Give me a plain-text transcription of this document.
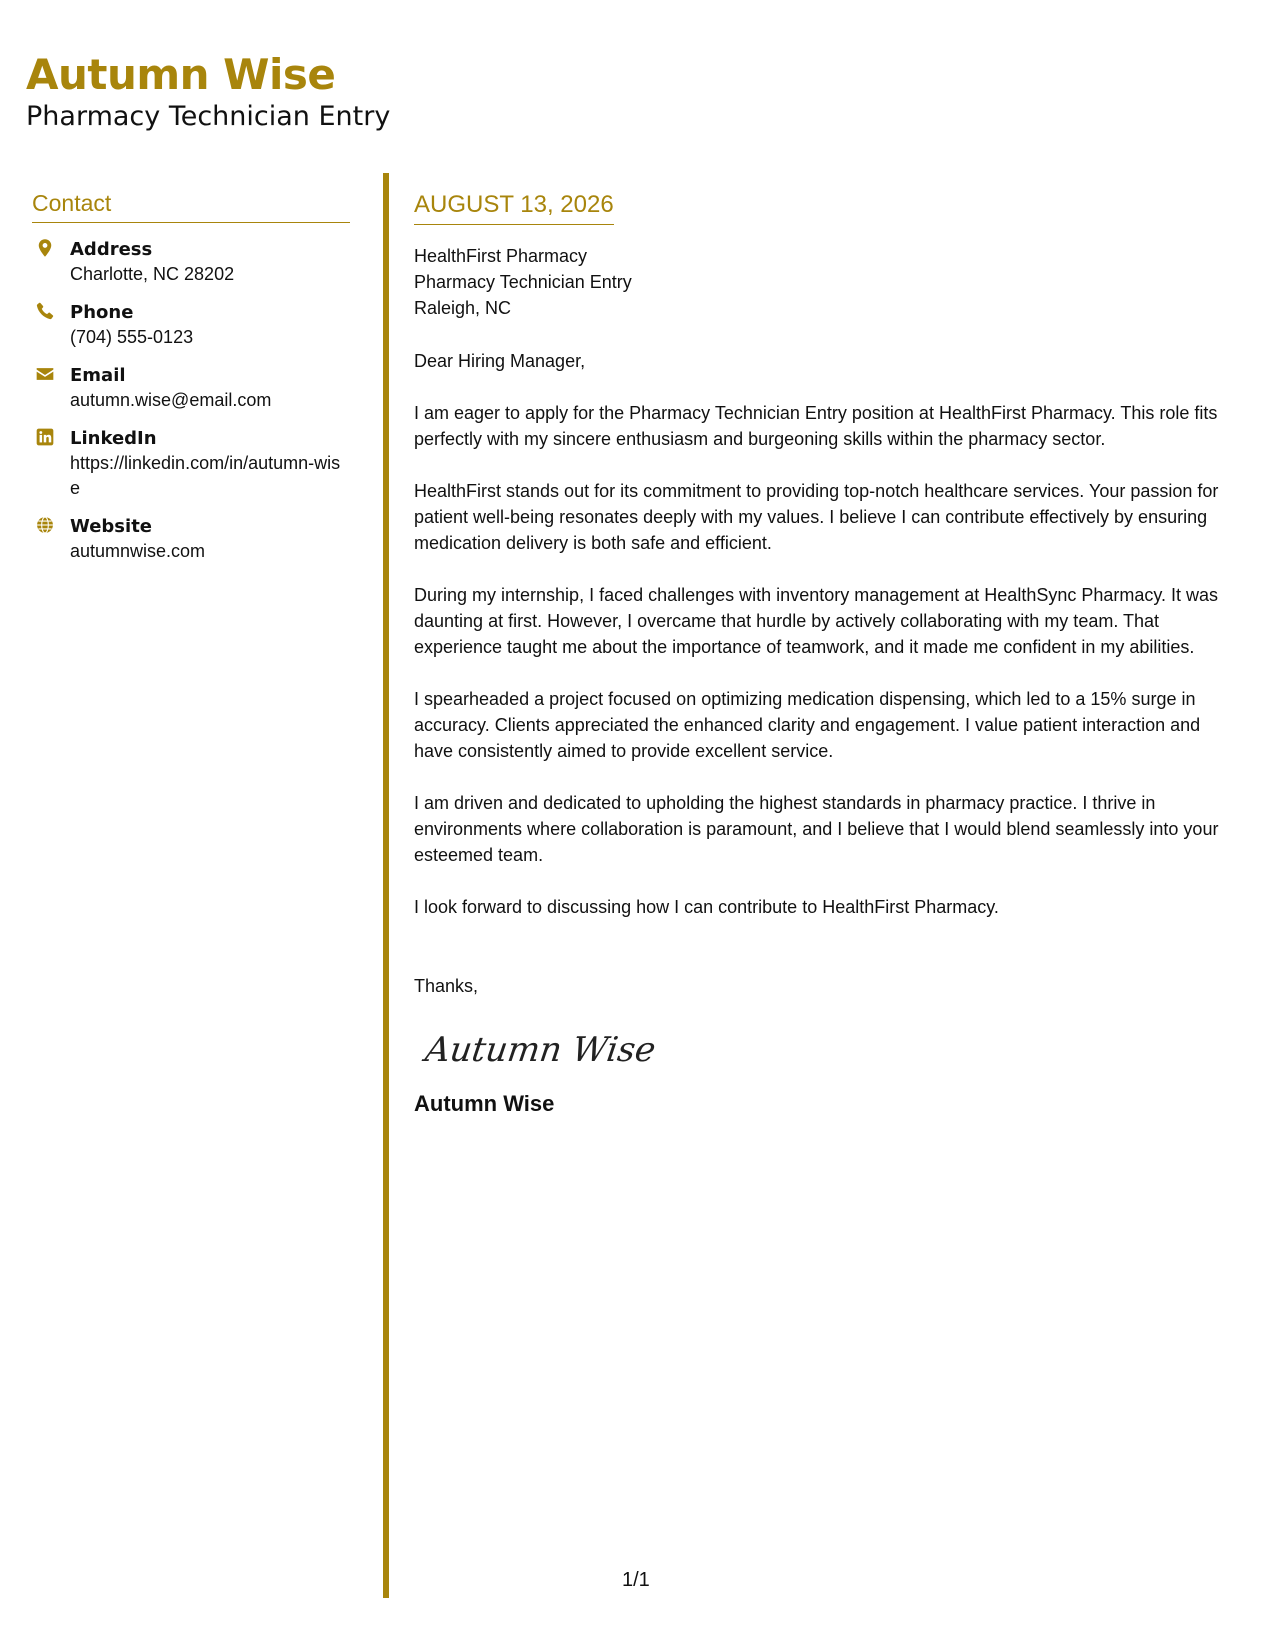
Autumn Wise
Pharmacy Technician Entry
Contact
Address
Charlotte, NC 28202
Phone
(704) 555-0123
Email
autumn.wise@email.com
LinkedIn
https://linkedin.com/in/autumn-wise
Website
autumnwise.com
AUGUST 13, 2026
HealthFirst Pharmacy
Pharmacy Technician Entry
Raleigh, NC
Dear Hiring Manager,
I am eager to apply for the Pharmacy Technician Entry position at HealthFirst Pharmacy. This role fits perfectly with my sincere enthusiasm and burgeoning skills within the pharmacy sector.
HealthFirst stands out for its commitment to providing top-notch healthcare services. Your passion for patient well-being resonates deeply with my values. I believe I can contribute effectively by ensuring medication delivery is both safe and efficient.
During my internship, I faced challenges with inventory management at HealthSync Pharmacy. It was daunting at first. However, I overcame that hurdle by actively collaborating with my team. That experience taught me about the importance of teamwork, and it made me confident in my abilities.
I spearheaded a project focused on optimizing medication dispensing, which led to a 15% surge in accuracy. Clients appreciated the enhanced clarity and engagement. I value patient interaction and have consistently aimed to provide excellent service.
I am driven and dedicated to upholding the highest standards in pharmacy practice. I thrive in environments where collaboration is paramount, and I believe that I would blend seamlessly into your esteemed team.
I look forward to discussing how I can contribute to HealthFirst Pharmacy.
Thanks,
Autumn Wise
Autumn Wise
1/1
